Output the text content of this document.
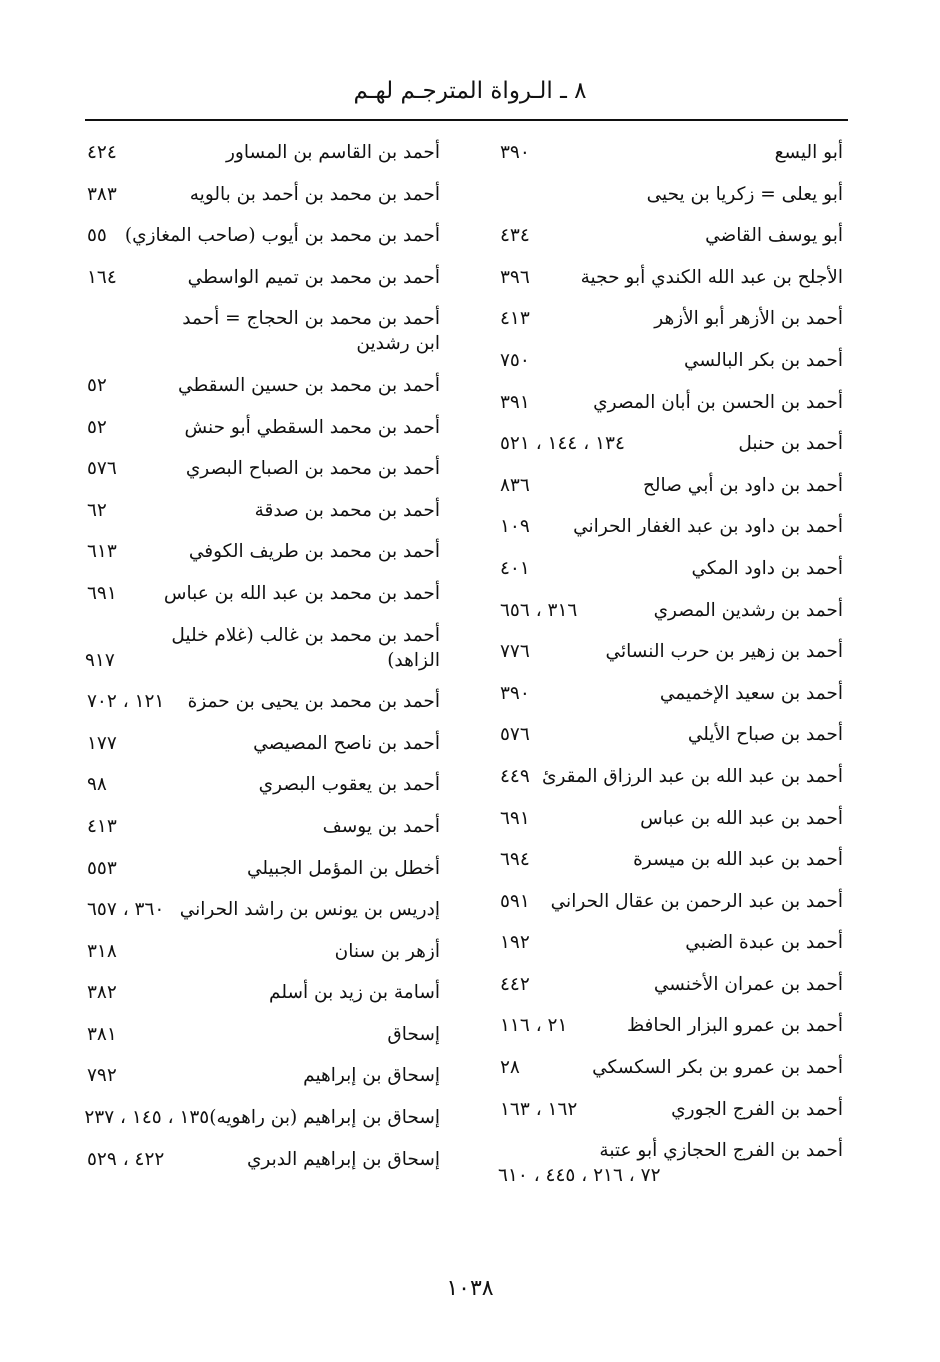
٨ ـ الـرواة المترجـم لهـم
أبو اليسع
٣٩٠
أبو يعلى = زكريا بن يحيى
أبو يوسف القاضي
٤٣٤
الأجلح بن عبد الله الكندي أبو حجية
٣٩٦
أحمد بن الأزهر أبو الأزهر
٤١٣
أحمد بن بكر البالسي
٧٥٠
أحمد بن الحسن بن أبان المصري
٣٩١
أحمد بن حنبل
١٣٤ ، ١٤٤ ، ٥٢١
أحمد بن داود بن أبي صالح
٨٣٦
أحمد بن داود بن عبد الغفار الحراني
١٠٩
أحمد بن داود المكي
٤٠١
أحمد بن رشدين المصري
٣١٦ ، ٦٥٦
أحمد بن زهير بن حرب النسائي
٧٧٦
أحمد بن سعيد الإخميمي
٣٩٠
أحمد بن صباح الأيلي
٥٧٦
أحمد بن عبد الله بن عبد الرزاق المقرئ
٤٤٩
أحمد بن عبد الله بن عباس
٦٩١
أحمد بن عبد الله بن ميسرة
٦٩٤
أحمد بن عبد الرحمن بن عقال الحراني
٥٩١
أحمد بن عبدة الضبي
١٩٢
أحمد بن عمران الأخنسي
٤٤٢
أحمد بن عمرو البزار الحافظ
٢١ ، ١١٦
أحمد بن عمرو بن بكر السكسكي
٢٨
أحمد بن الفرج الجوري
١٦٢ ، ١٦٣
أحمد بن الفرج الحجازي أبو عتبة
٧٢ ، ٢١٦ ، ٤٤٥ ، ٦١٠
أحمد بن القاسم بن المساور
٤٢٤
أحمد بن محمد بن أحمد بن بالويه
٣٨٣
أحمد بن محمد بن أيوب (صاحب المغازي)
٥٥
أحمد بن محمد بن تميم الواسطي
١٦٤
أحمد بن محمد بن الحجاج = أحمد
ابن رشدين
أحمد بن محمد بن حسين السقطي
٥٢
أحمد بن محمد السقطي أبو حنش
٥٢
أحمد بن محمد بن الصباح البصري
٥٧٦
أحمد بن محمد بن صدقة
٦٢
أحمد بن محمد بن طريف الكوفي
٦١٣
أحمد بن محمد بن عبد الله بن عباس
٦٩١
أحمد بن محمد بن غالب (غلام خليل
الزاهد)
٩١٧
أحمد بن محمد بن يحيى بن حمزة
١٢١ ، ٧٠٢
أحمد بن ناصح المصيصي
١٧٧
أحمد بن يعقوب البصري
٩٨
أحمد بن يوسف
٤١٣
أخطل بن المؤمل الجبيلي
٥٥٣
إدريس بن يونس بن راشد الحراني
٣٦٠ ، ٦٥٧
أزهر بن سنان
٣١٨
أسامة بن زيد بن أسلم
٣٨٢
إسحاق
٣٨١
إسحاق بن إبراهيم
٧٩٢
إسحاق بن إبراهيم (بن راهويه)
١٣٥ ، ١٤٥ ، ٢٣٧
إسحاق بن إبراهيم الدبري
٤٢٢ ، ٥٢٩
١٠٣٨
